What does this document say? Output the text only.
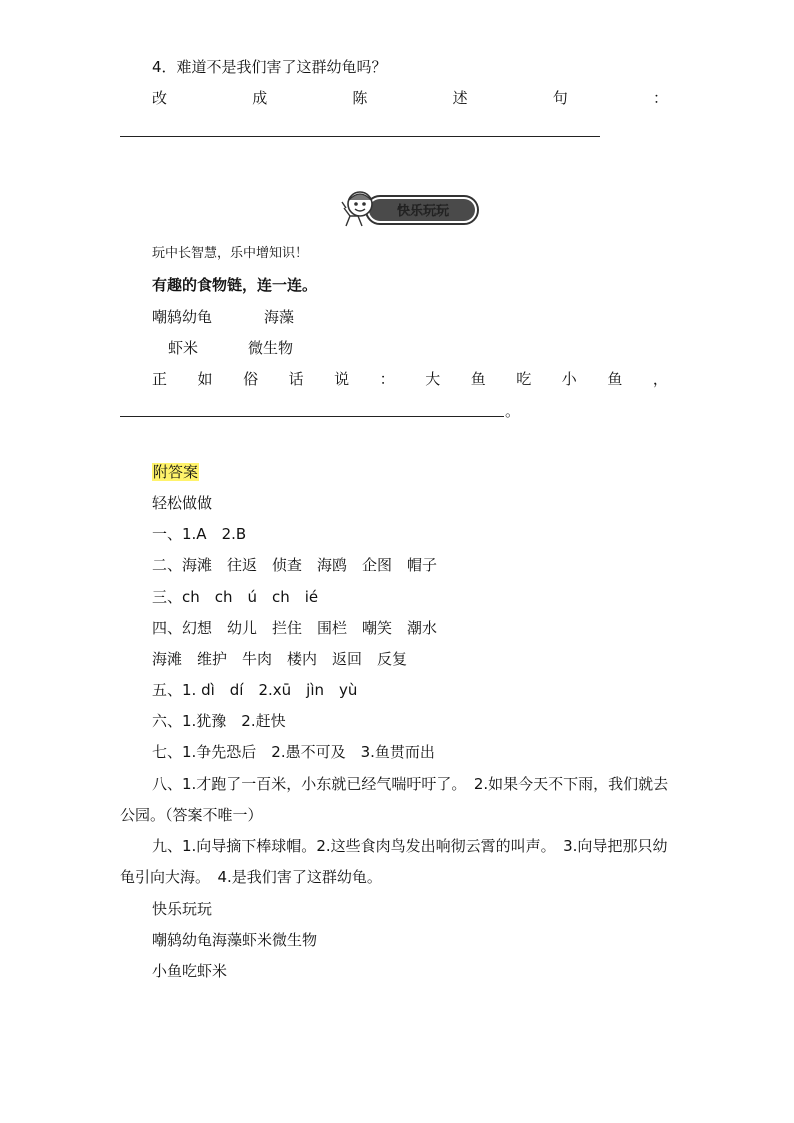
4．难道不是我们害了这群幼龟吗？
改	成	陈	述	句	：
快乐玩玩
玩中长智慧，乐中增知识！
有趣的食物链，连一连。
嘲鸫幼龟	海藻
虾米	微生物
正 如 俗 话 说 ： 大 鱼 吃 小 鱼 ，
。
附答案
轻松做做
一、1.A　2.B
二、海滩　往返　侦查　海鸥　企图　帽子
三、ch　ch　ú　ch　ié
四、幻想　幼儿　拦住　围栏　嘲笑　潮水
海滩　维护　牛肉　楼内　返回　反复
五、1. dì　dí　2.xū　jìn　yù
六、1.犹豫　2.赶快
七、1.争先恐后　2.愚不可及　3.鱼贯而出
八、1.才跑了一百米，小东就已经气喘吁吁了。　2.如果今天不下雨，我们就去公园。（答案不唯一）
九、1.向导摘下棒球帽。2.这些食肉鸟发出响彻云霄的叫声。　3.向导把那只幼龟引向大海。　4.是我们害了这群幼龟。
快乐玩玩
嘲鸫幼龟海藻虾米微生物
小鱼吃虾米
